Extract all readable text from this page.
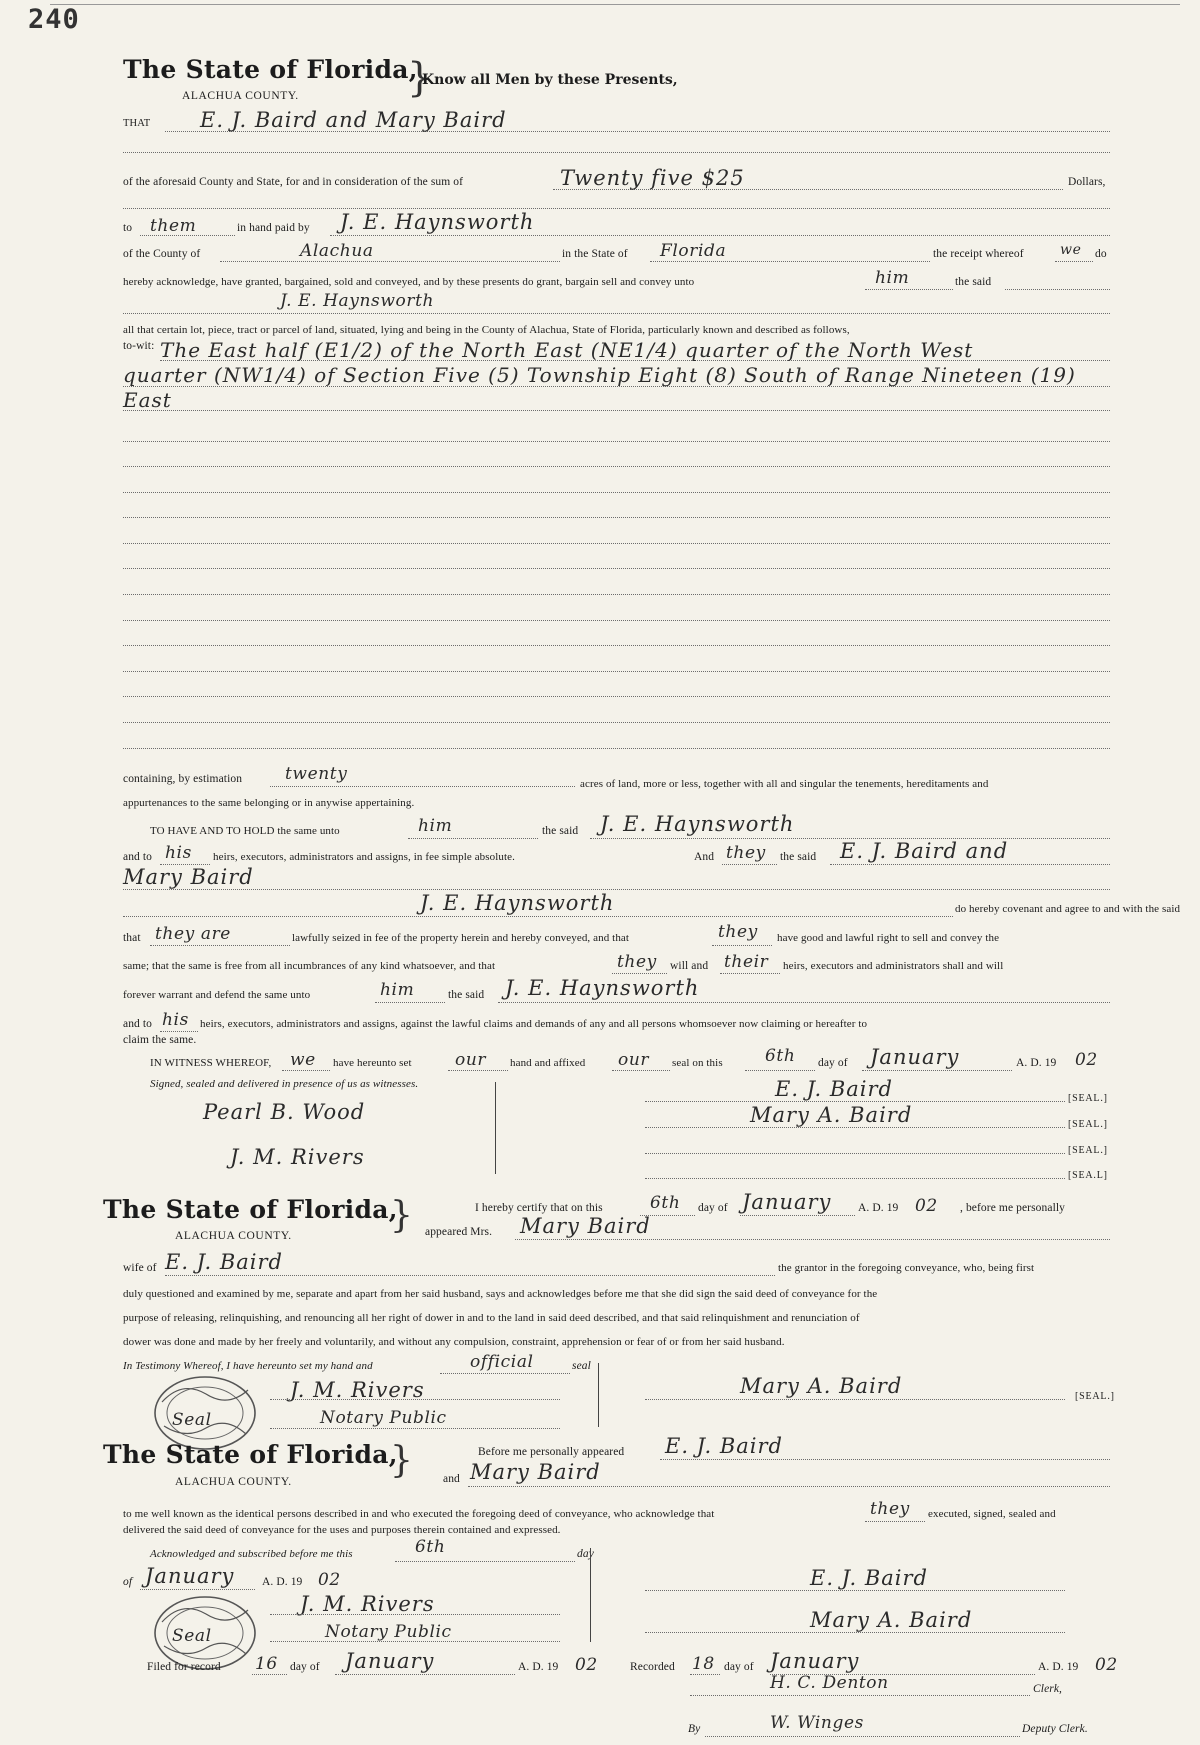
240
The State of Florida,
ALACHUA COUNTY.	}
Know all Men by these Presents,
THAT E. J. Baird and Mary Baird
of the aforesaid County and State, for and in consideration of the sum of	Twenty five $25	Dollars,
to them	in hand paid by J. E. Haynsworth
of the County of	Alachua	in the State of Florida	the receipt whereof	we do
hereby acknowledge, have granted, bargained, sold and conveyed, and by these presents do grant, bargain sell and convey unto	him	the said
J. E. Haynsworth
all that certain lot, piece, tract or parcel of land, situated, lying and being in the County of Alachua, State of Florida, particularly known and described as follows,
to-wit: The East half (E1/2) of the North East (NE1/4) quarter of the North West
quarter (NW1/4) of Section Five (5) Township Eight (8) South of Range Nineteen (19)
East
containing, by estimation	twenty	acres of land, more or less, together with all and singular the tenements, hereditaments and
appurtenances to the same belonging or in anywise appertaining.
TO HAVE AND TO HOLD the same unto	him	the said J. E. Haynsworth
and to his heirs, executors, administrators and assigns, in fee simple absolute.	And they the said E. J. Baird and
Mary Baird
J. E. Haynsworth	do hereby covenant and agree to and with the said
that they are	lawfully seized in fee of the property herein and hereby conveyed, and that	they have good and lawful right to sell and convey the
same; that the same is free from all incumbrances of any kind whatsoever, and that	they will and their heirs, executors and administrators shall and will
forever warrant and defend the same unto	him	the said J. E. Haynsworth
and to his heirs, executors, administrators and assigns, against the lawful claims and demands of any and all persons whomsoever now claiming or hereafter to
claim the same.
IN WITNESS WHEREOF, we have hereunto set	our hand and affixed our seal on this 6th day of January	A. D. 19 02
Signed, sealed and delivered in presence of us as witnesses.
Pearl B. Wood
J. M. Rivers
E. J. Baird	[SEAL.]
Mary A. Baird	[SEAL.]
[SEAL.]
[SEA.L]
The State of Florida,
ALACHUA COUNTY.	}	I hereby certify that on this	6th day of January A. D. 19 02 , before me personally
appeared Mrs. Mary Baird
wife of E. J. Baird	the grantor in the foregoing conveyance, who, being first
duly questioned and examined by me, separate and apart from her said husband, says and acknowledges before me that she did sign the said deed of conveyance for the
purpose of releasing, relinquishing, and renouncing all her right of dower in and to the land in said deed described, and that said relinquishment and renunciation of
dower was done and made by her freely and voluntarily, and without any compulsion, constraint, apprehension or fear of or from her said husband.
In Testimony Whereof, I have hereunto set my hand and	official	seal
Seal
J. M. Rivers
Notary Public
Mary A. Baird	[SEAL.]
The State of Florida,
ALACHUA COUNTY.
}	Before me personally appeared E. J. Baird
and Mary Baird
to me well known as the identical persons described in and who executed the foregoing deed of conveyance, who acknowledge that	they executed, signed, sealed and
delivered the said deed of conveyance for the uses and purposes therein contained and expressed.
Acknowledged and subscribed before me this	6th	day
of January A. D. 19 02
Seal
J. M. Rivers
Notary Public
E. J. Baird
Mary A. Baird
Filed for record 16 day of January	A. D. 19 02	Recorded 18 day of January	A. D. 19 02
H. C. Denton	Clerk,
By	W. Winges	Deputy Clerk.
